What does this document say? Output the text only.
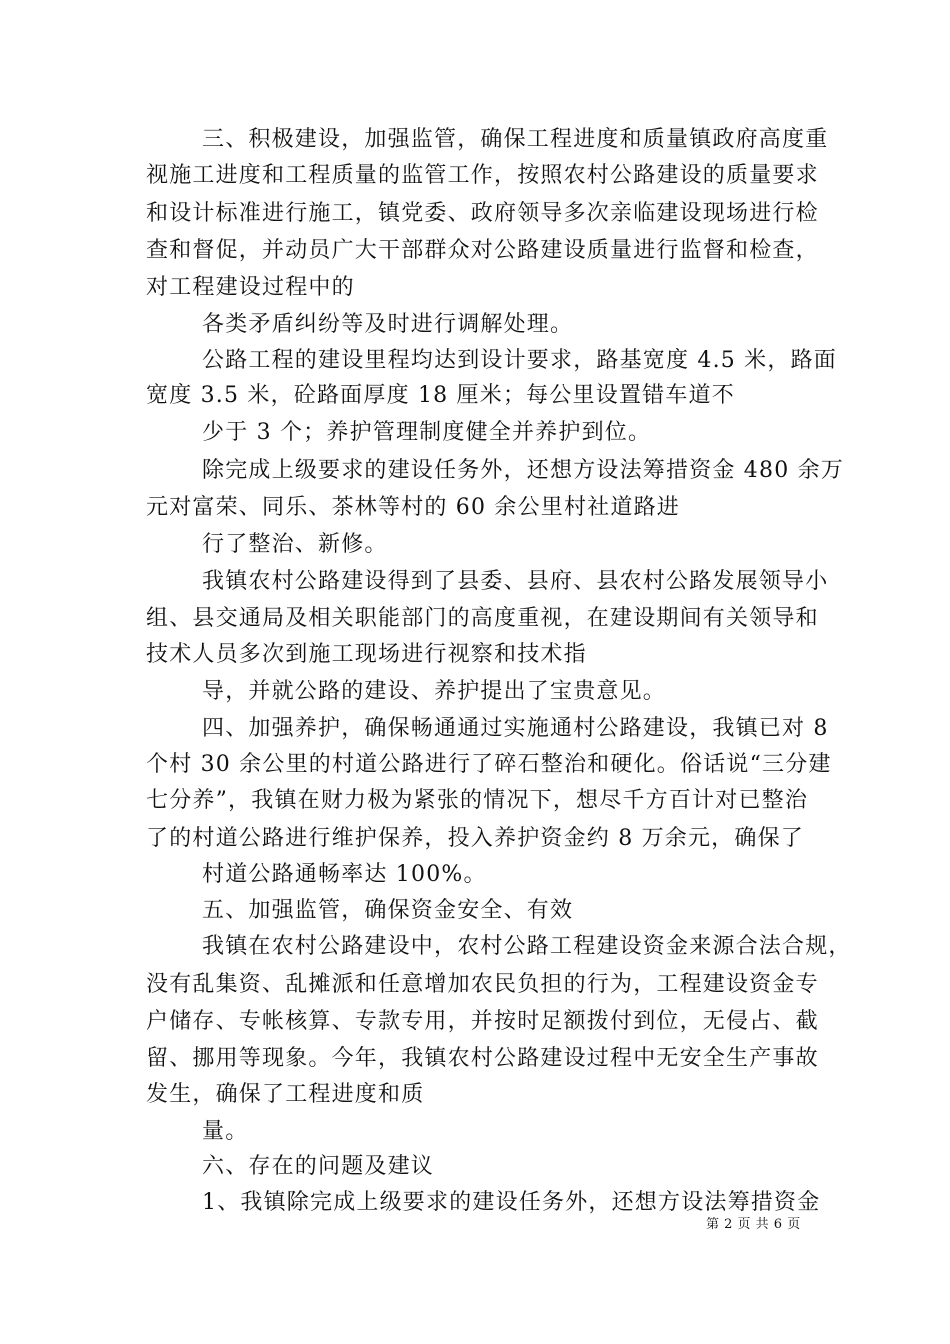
三、积极建设，加强监管，确保工程进度和质量镇政府高度重
视施工进度和工程质量的监管工作，按照农村公路建设的质量要求
和设计标准进行施工，镇党委、政府领导多次亲临建设现场进行检
查和督促，并动员广大干部群众对公路建设质量进行监督和检查，
对工程建设过程中的
各类矛盾纠纷等及时进行调解处理。
公路工程的建设里程均达到设计要求，路基宽度 4.5 米，路面
宽度 3.5 米，砼路面厚度 18 厘米；每公里设置错车道不
少于 3 个；养护管理制度健全并养护到位。
除完成上级要求的建设任务外，还想方设法筹措资金 480 余万
元对富荣、同乐、茶林等村的 60 余公里村社道路进
行了整治、新修。
我镇农村公路建设得到了县委、县府、县农村公路发展领导小
组、县交通局及相关职能部门的高度重视，在建设期间有关领导和
技术人员多次到施工现场进行视察和技术指
导，并就公路的建设、养护提出了宝贵意见。
四、加强养护，确保畅通通过实施通村公路建设，我镇已对 8
个村 30 余公里的村道公路进行了碎石整治和硬化。俗话说“三分建
七分养”，我镇在财力极为紧张的情况下，想尽千方百计对已整治
了的村道公路进行维护保养，投入养护资金约 8 万余元，确保了
村道公路通畅率达 100%。
五、加强监管，确保资金安全、有效
我镇在农村公路建设中，农村公路工程建设资金来源合法合规，
没有乱集资、乱摊派和任意增加农民负担的行为，工程建设资金专
户储存、专帐核算、专款专用，并按时足额拨付到位，无侵占、截
留、挪用等现象。今年，我镇农村公路建设过程中无安全生产事故
发生，确保了工程进度和质
量。
六、存在的问题及建议
1、我镇除完成上级要求的建设任务外，还想方设法筹措资金
第 2 页 共 6 页
